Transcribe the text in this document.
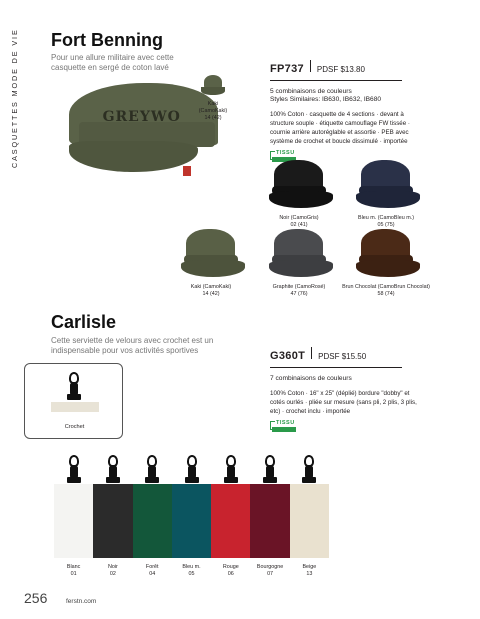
CASQUETTES MODE DE VIE Fort Benning
Pour une allure militaire avec cette casquette en sergé de coton lavé
GREYWO
Kaki
(CamoKaki)
14 (42)
FP737 PDSF $13.80
5 combinaisons de couleurs
Styles Similaires: IB630, IB632, IB680
100% Coton · casquette de 4 sections · devant à structure souple · étiquette camouflage FW tissée · cournie arrière autoréglable et assortie · PEB avec système de crochet et boucle dissimulé · importée
TISSU
Noir (CamoGris)
02 (41)
Bleu m. (CamoBleu m.)
05 (75)
Kaki (CamoKaki)
14 (42)
Graphite (CamoRosé)
47 (76)
Brun Chocolat (CamoBrun Chocolat)
58 (74)
Carlisle
Cette serviette de velours avec crochet est un indispensable pour vos activités sportives	G360T PDSF $15.50
7 combinaisons de couleurs
100% Coton · 16" x 25" (déplié) bordure "dobby" et cotés ourlés · pliée sur mesure (sans pli, 2 plis, 3 plis, etc) · crochet inclu · importée
TISSU
Crochet
Blanc
01
Noir
02
Forêt
04
Bleu m.
05
Rouge
06
Bourgogne
07
Beige
13
256	ferstn.com
